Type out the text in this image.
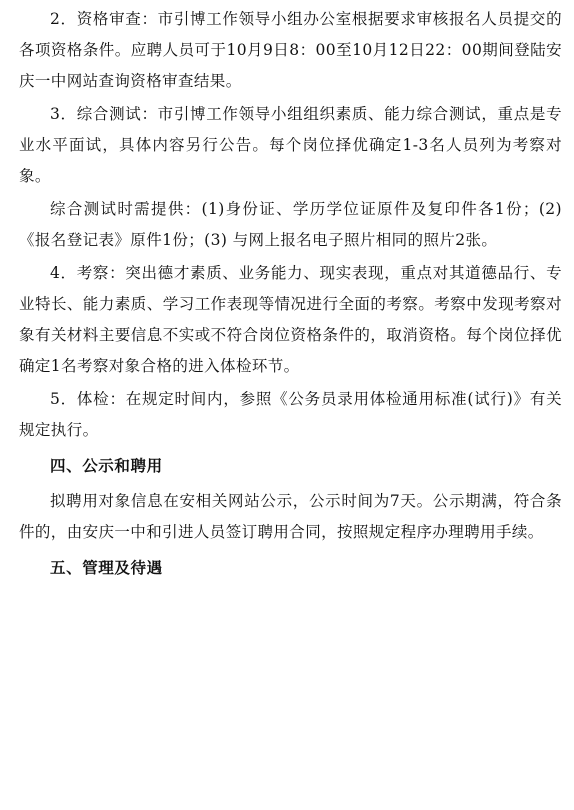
2．资格审查：市引博工作领导小组办公室根据要求审核报名人员提交的各项资格条件。应聘人员可于10月9日8：00至10月12日22：00期间登陆安庆一中网站查询资格审查结果。

3．综合测试：市引博工作领导小组组织素质、能力综合测试，重点是专业水平面试，具体内容另行公告。每个岗位择优确定1-3名人员列为考察对象。

综合测试时需提供：(1)身份证、学历学位证原件及复印件各1份；(2)《报名登记表》原件1份；(3) 与网上报名电子照片相同的照片2张。

4．考察：突出德才素质、业务能力、现实表现，重点对其道德品行、专业特长、能力素质、学习工作表现等情况进行全面的考察。考察中发现考察对象有关材料主要信息不实或不符合岗位资格条件的，取消资格。每个岗位择优确定1名考察对象合格的进入体检环节。

5．体检：在规定时间内，参照《公务员录用体检通用标准(试行)》有关规定执行。

四、公示和聘用

拟聘用对象信息在安相关网站公示，公示时间为7天。公示期满，符合条件的，由安庆一中和引进人员签订聘用合同，按照规定程序办理聘用手续。

五、管理及待遇
